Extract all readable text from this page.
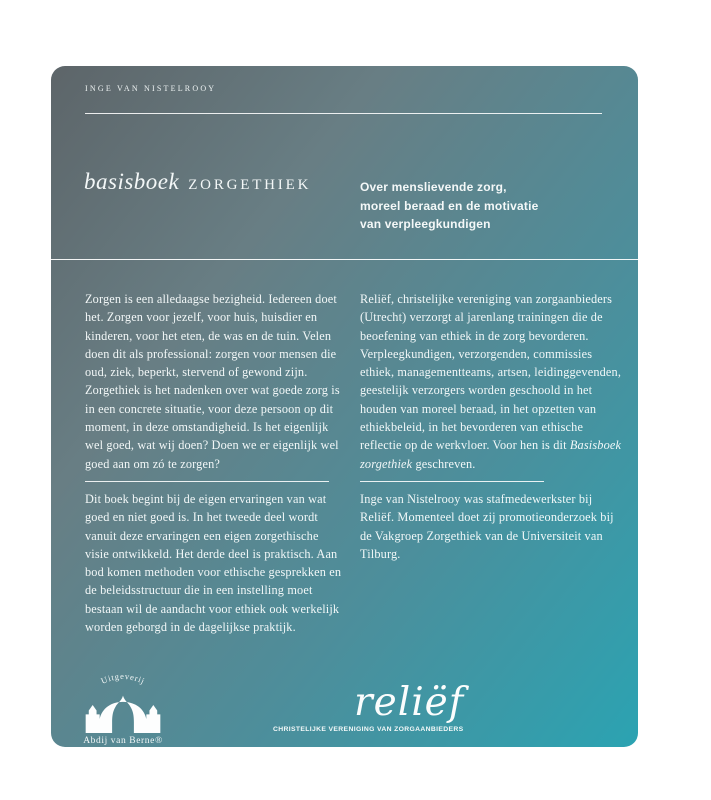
INGE VAN NISTELROOY
basisboek ZORGETHIEK	Over menslievende zorg,
moreel beraad en de motivatie
van verpleegkundigen

Zorgen is een alledaagse bezigheid. Iedereen doet het. Zorgen voor jezelf, voor huis, huisdier en kinderen, voor het eten, de was en de tuin. Velen doen dit als professional: zorgen voor mensen die oud, ziek, beperkt, stervend of gewond zijn. Zorgethiek is het nadenken over wat goede zorg is in een concrete situatie, voor deze persoon op dit moment, in deze omstandigheid. Is het eigenlijk wel goed, wat wij doen? Doen we er eigenlijk wel goed aan om zó te zorgen?

Dit boek begint bij de eigen ervaringen van wat goed en niet goed is. In het tweede deel wordt vanuit deze ervaringen een eigen zorgethische visie ontwikkeld. Het derde deel is praktisch. Aan bod komen methoden voor ethische gesprekken en de beleidsstructuur die in een instelling moet bestaan wil de aandacht voor ethiek ook werkelijk worden geborgd in de dagelijkse praktijk.

Reliëf, christelijke vereniging van zorgaanbieders (Utrecht) verzorgt al jarenlang trainingen die de beoefening van ethiek in de zorg bevorderen. Verpleegkundigen, verzorgenden, commissies ethiek, managementteams, artsen, leidinggevenden, geestelijk verzorgers worden geschoold in het houden van moreel beraad, in het opzetten van ethiekbeleid, in het bevorderen van ethische reflectie op de werkvloer. Voor hen is dit Basisboek zorgethiek geschreven.

Inge van Nistelrooy was stafmedewerkster bij Reliëf. Momenteel doet zij promotieonderzoek bij de Vakgroep Zorgethiek van de Universiteit van Tilburg.

Uitgeverij
Abdij van Berne®
reliëf
CHRISTELIJKE VERENIGING VAN ZORGAANBIEDERS
